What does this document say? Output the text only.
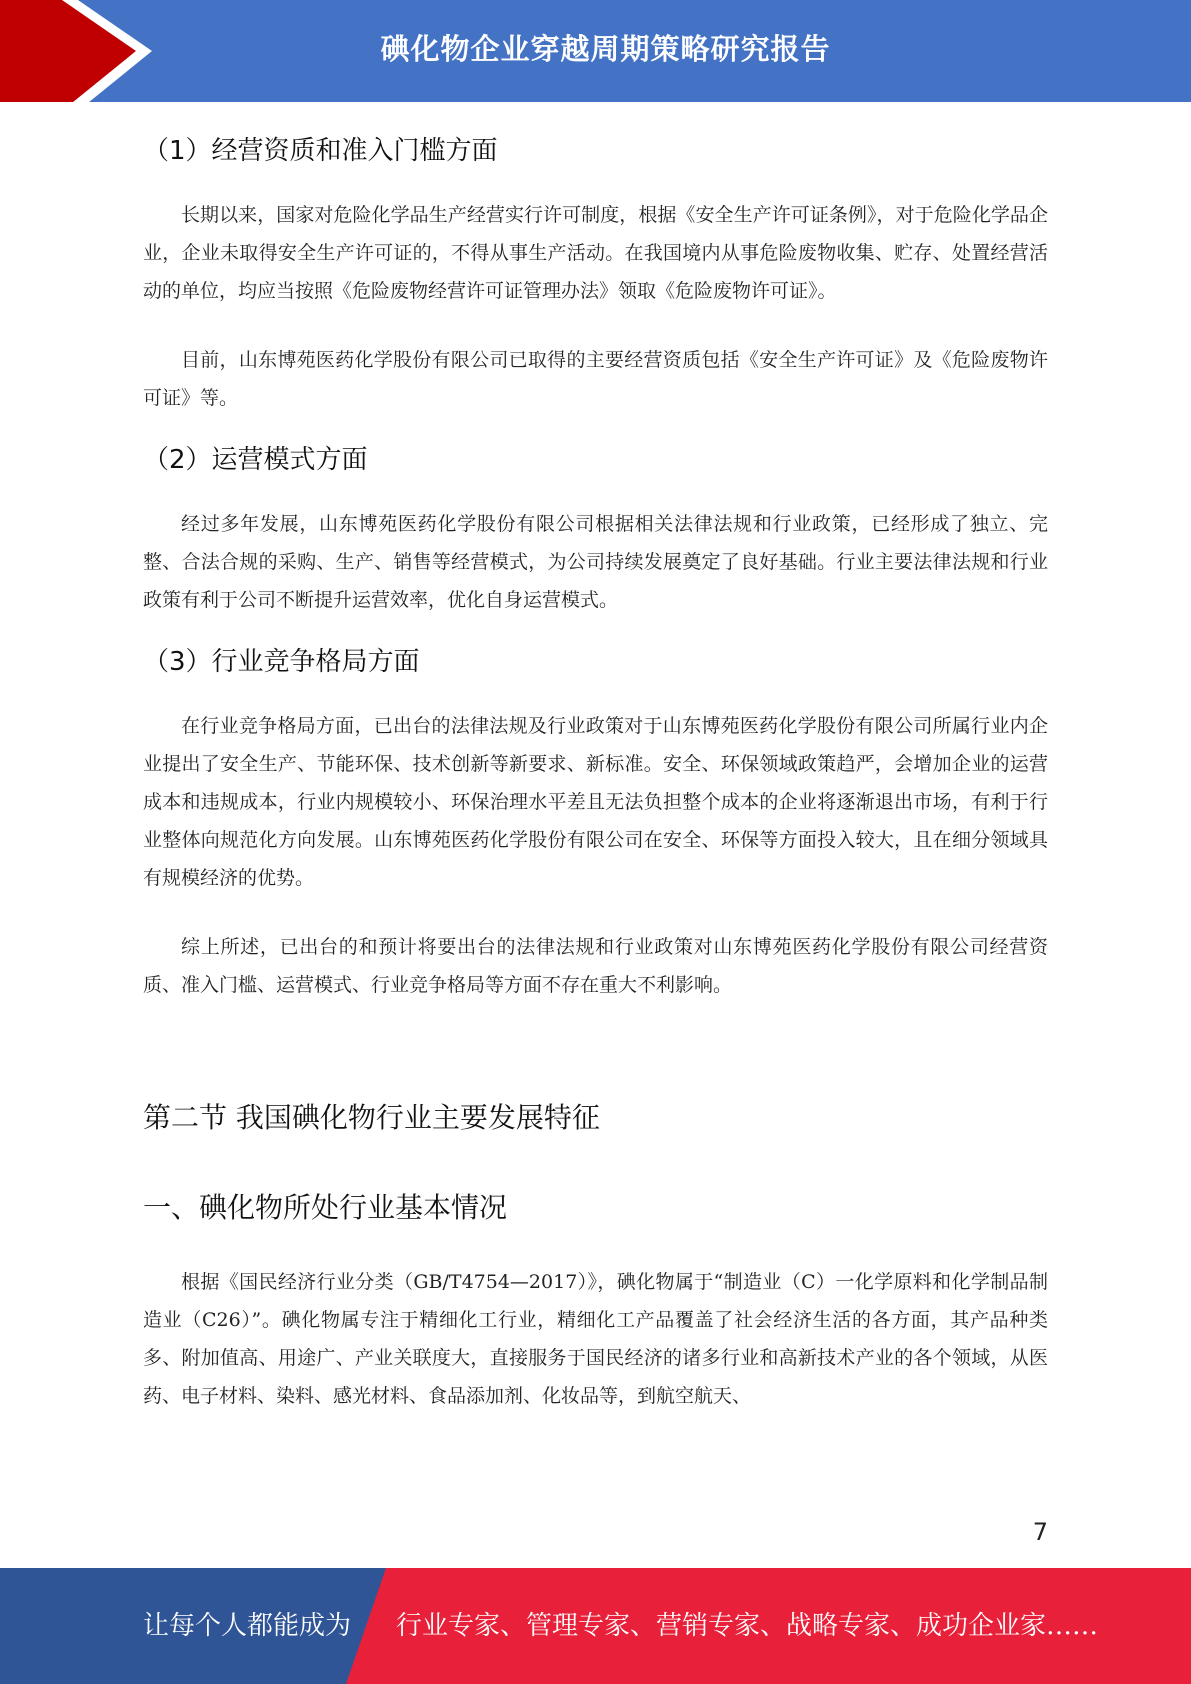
碘化物企业穿越周期策略研究报告
（1）经营资质和准入门槛方面

长期以来，国家对危险化学品生产经营实行许可制度，根据《安全生产许可证条例》，对于危险化学品企业，企业未取得安全生产许可证的，不得从事生产活动。在我国境内从事危险废物收集、贮存、处置经营活动的单位，均应当按照《危险废物经营许可证管理办法》领取《危险废物许可证》。

目前，山东博苑医药化学股份有限公司已取得的主要经营资质包括《安全生产许可证》及《危险废物许可证》等。

（2）运营模式方面

经过多年发展，山东博苑医药化学股份有限公司根据相关法律法规和行业政策，已经形成了独立、完整、合法合规的采购、生产、销售等经营模式，为公司持续发展奠定了良好基础。行业主要法律法规和行业政策有利于公司不断提升运营效率，优化自身运营模式。

（3）行业竞争格局方面

在行业竞争格局方面，已出台的法律法规及行业政策对于山东博苑医药化学股份有限公司所属行业内企业提出了安全生产、节能环保、技术创新等新要求、新标准。安全、环保领域政策趋严，会增加企业的运营成本和违规成本，行业内规模较小、环保治理水平差且无法负担整个成本的企业将逐渐退出市场，有利于行业整体向规范化方向发展。山东博苑医药化学股份有限公司在安全、环保等方面投入较大，且在细分领域具有规模经济的优势。

综上所述，已出台的和预计将要出台的法律法规和行业政策对山东博苑医药化学股份有限公司经营资质、准入门槛、运营模式、行业竞争格局等方面不存在重大不利影响。

第二节 我国碘化物行业主要发展特征
一、碘化物所处行业基本情况

根据《国民经济行业分类（GB/T4754—2017）》，碘化物属于“制造业（C）一化学原料和化学制品制造业（C26）”。碘化物属专注于精细化工行业，精细化工产品覆盖了社会经济生活的各方面，其产品种类多、附加值高、用途广、产业关联度大，直接服务于国民经济的诸多行业和高新技术产业的各个领域，从医药、电子材料、染料、感光材料、食品添加剂、化妆品等，到航空航天、

7
让每个人都能成为 行业专家、管理专家、营销专家、战略专家、成功企业家……
